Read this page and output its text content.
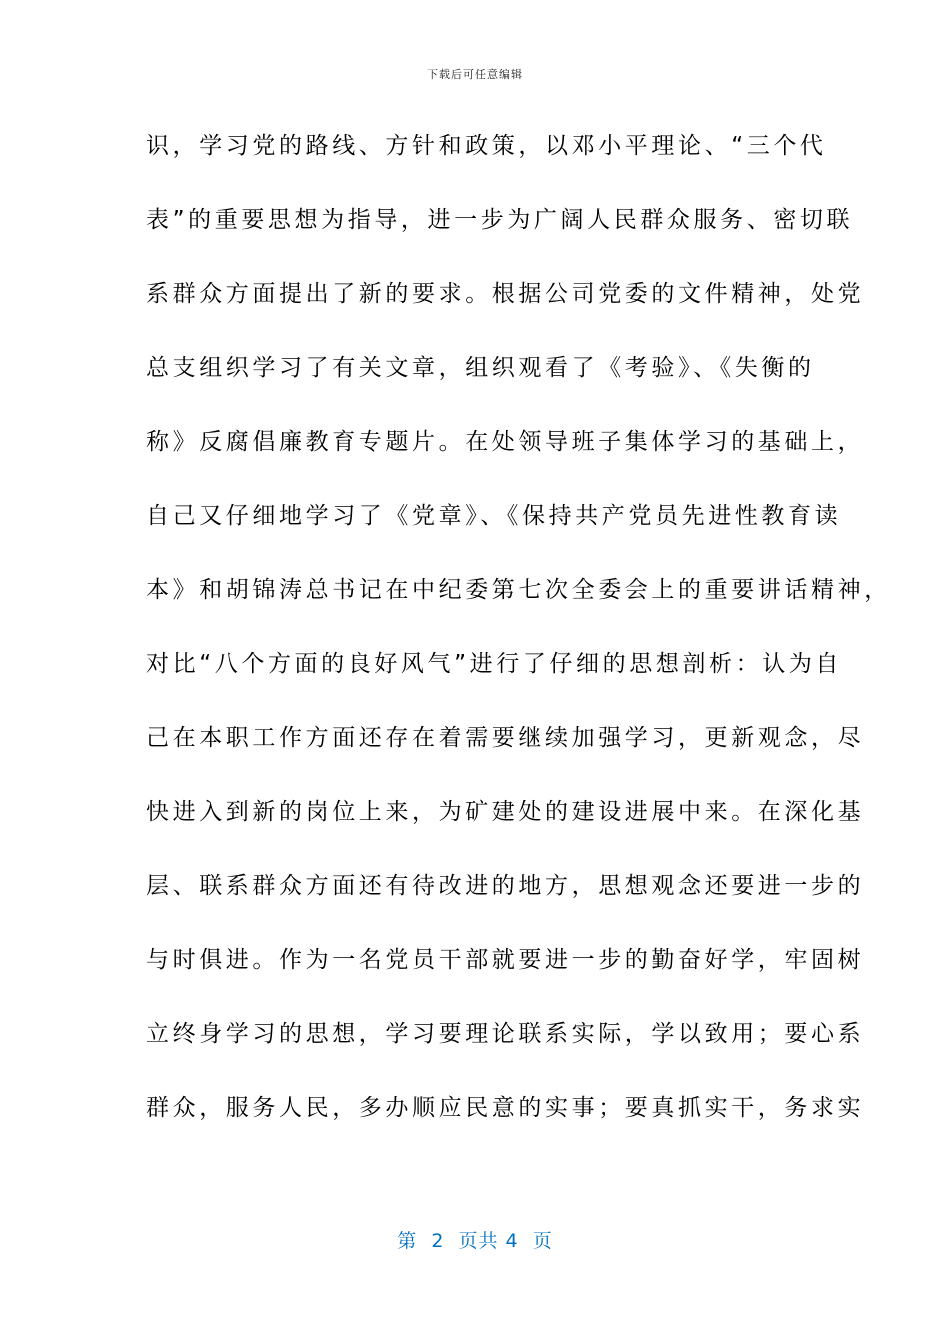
下载后可任意编辑
识，学习党的路线、方针和政策，以邓小平理论、“三个代
表”的重要思想为指导，进一步为广阔人民群众服务、密切联
系群众方面提出了新的要求。根据公司党委的文件精神，处党
总支组织学习了有关文章，组织观看了《考验》、《失衡的
称》反腐倡廉教育专题片。在处领导班子集体学习的基础上，
自己又仔细地学习了《党章》、《保持共产党员先进性教育读
本》和胡锦涛总书记在中纪委第七次全委会上的重要讲话精神，
对比“八个方面的良好风气”进行了仔细的思想剖析：认为自
己在本职工作方面还存在着需要继续加强学习，更新观念，尽
快进入到新的岗位上来，为矿建处的建设进展中来。在深化基
层、联系群众方面还有待改进的地方，思想观念还要进一步的
与时俱进。作为一名党员干部就要进一步的勤奋好学，牢固树
立终身学习的思想，学习要理论联系实际，学以致用；要心系
群众，服务人民，多办顺应民意的实事；要真抓实干，务求实
第  2  页共 4  页
